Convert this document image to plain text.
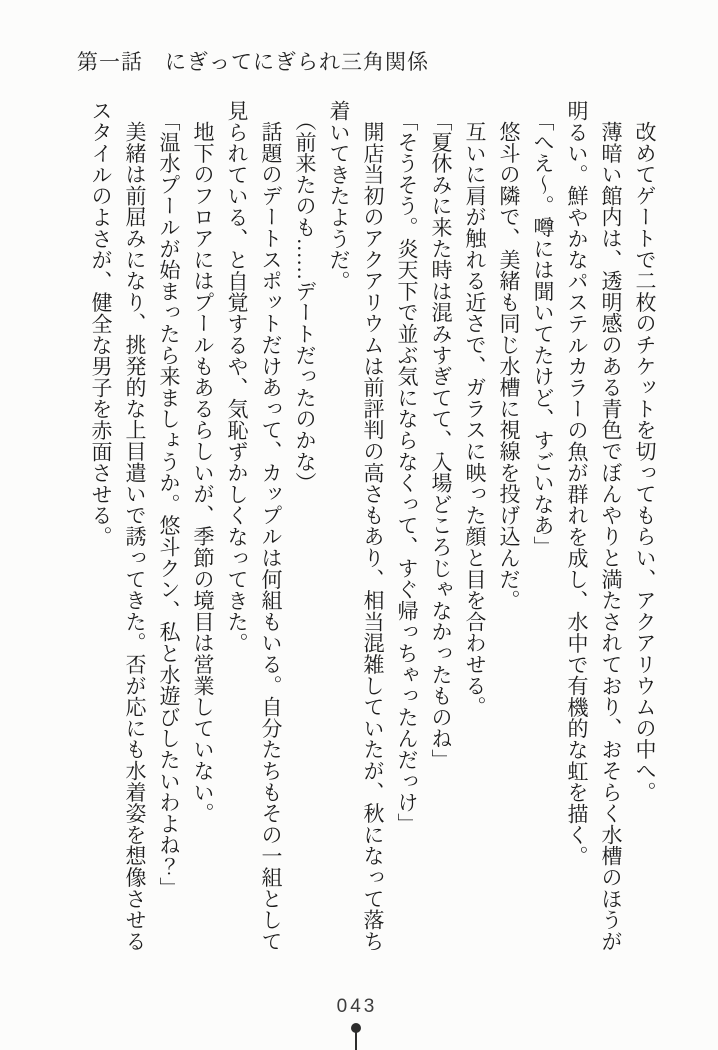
第一話　にぎってにぎられ三角関係

改めてゲートで二枚のチケットを切ってもらい、アクアリウムの中へ。

薄暗い館内は、透明感のある青色でぼんやりと満たされており、おそらく水槽のほうが

明るい。鮮やかなパステルカラーの魚が群れを成し、水中で有機的な虹を描く。

「へえ～。噂には聞いてたけど、すごいなあ」

悠斗の隣で、美緒も同じ水槽に視線を投げ込んだ。

互いに肩が触れる近さで、ガラスに映った顔と目を合わせる。

「夏休みに来た時は混みすぎてて、入場どころじゃなかったものね」

「そうそう。炎天下で並ぶ気にならなくって、すぐ帰っちゃったんだっけ」

開店当初のアクアリウムは前評判の高さもあり、相当混雑していたが、秋になって落ち

着いてきたようだ。

（前来たのも……デートだったのかな）

話題のデートスポットだけあって、カップルは何組もいる。自分たちもその一組として

見られている、と自覚するや、気恥ずかしくなってきた。

地下のフロアにはプールもあるらしいが、季節の境目は営業していない。

「温水プールが始まったら来ましょうか。悠斗クン、私と水遊びしたいわよね？」

美緒は前屈みになり、挑発的な上目遣いで誘ってきた。否が応にも水着姿を想像させる

スタイルのよさが、健全な男子を赤面させる。

043
